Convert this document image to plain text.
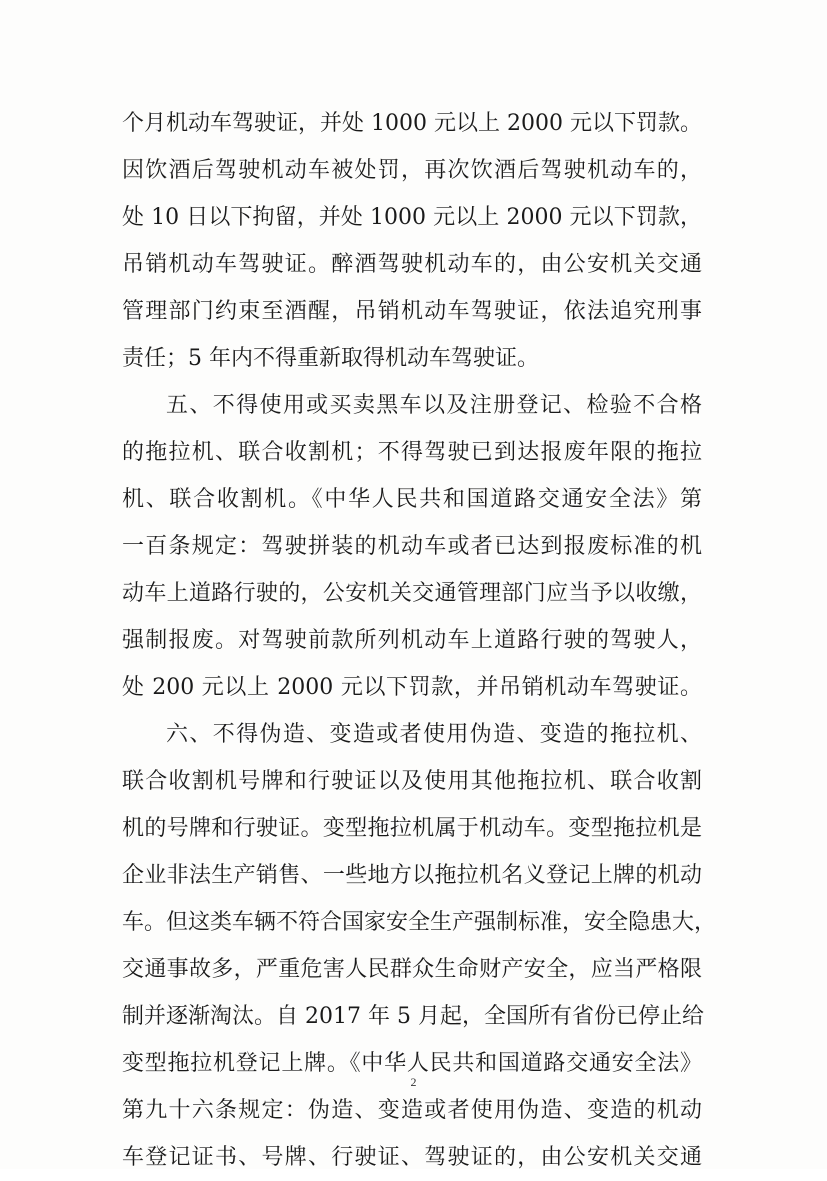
个月机动车驾驶证，并处 1000 元以上 2000 元以下罚款。
因饮酒后驾驶机动车被处罚，再次饮酒后驾驶机动车的，
处 10 日以下拘留，并处 1000 元以上 2000 元以下罚款，
吊销机动车驾驶证。醉酒驾驶机动车的，由公安机关交通
管理部门约束至酒醒，吊销机动车驾驶证，依法追究刑事
责任；5 年内不得重新取得机动车驾驶证。
五、不得使用或买卖黑车以及注册登记、检验不合格
的拖拉机、联合收割机；不得驾驶已到达报废年限的拖拉
机、联合收割机。《中华人民共和国道路交通安全法》第
一百条规定：驾驶拼装的机动车或者已达到报废标准的机
动车上道路行驶的，公安机关交通管理部门应当予以收缴，
强制报废。对驾驶前款所列机动车上道路行驶的驾驶人，
处 200 元以上 2000 元以下罚款，并吊销机动车驾驶证。
六、不得伪造、变造或者使用伪造、变造的拖拉机、
联合收割机号牌和行驶证以及使用其他拖拉机、联合收割
机的号牌和行驶证。变型拖拉机属于机动车。变型拖拉机是
企业非法生产销售、一些地方以拖拉机名义登记上牌的机动
车。但这类车辆不符合国家安全生产强制标准，安全隐患大，
交通事故多，严重危害人民群众生命财产安全，应当严格限
制并逐渐淘汰。自 2017 年 5 月起，全国所有省份已停止给
变型拖拉机登记上牌。《中华人民共和国道路交通安全法》
第九十六条规定：伪造、变造或者使用伪造、变造的机动
车登记证书、号牌、行驶证、驾驶证的，由公安机关交通
2
